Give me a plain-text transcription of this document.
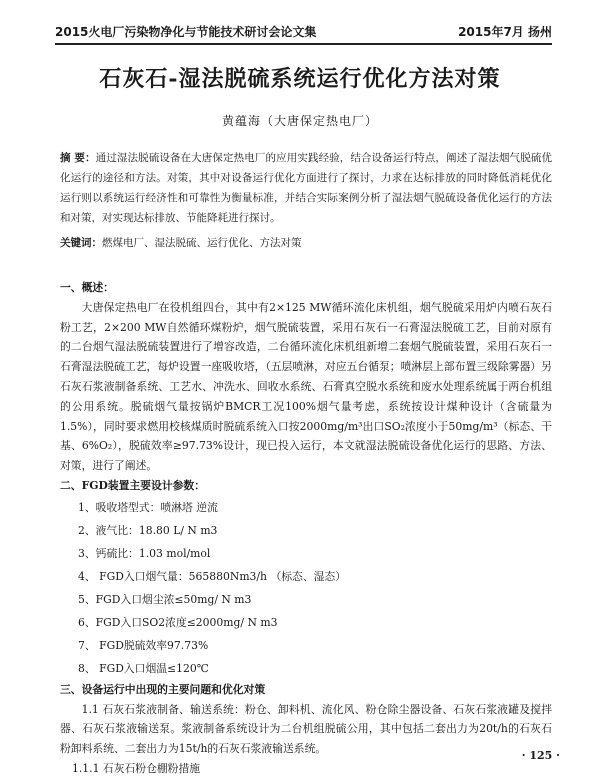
2015火电厂污染物净化与节能技术研讨会论文集	2015年7月 扬州
石灰石-湿法脱硫系统运行优化方法对策
黄蕴海（大唐保定热电厂）
摘 要：通过湿法脱硫设备在大唐保定热电厂的应用实践经验，结合设备运行特点，阐述了湿法烟气脱硫优化运行的途径和方法。对策，其中对设备运行优化方面进行了探讨，力求在达标排放的同时降低消耗优化运行则以系统运行经济性和可靠性为衡量标准，并结合实际案例分析了湿法烟气脱硫设备优化运行的方法和对策，对实现达标排放、节能降耗进行探讨。
关键词：燃煤电厂、湿法脱硫、运行优化、方法对策

一、概述：

大唐保定热电厂在役机组四台，其中有2×125 MW循环流化床机组，烟气脱硫采用炉内喷石灰石粉工艺，2×200 MW自然循环煤粉炉，烟气脱硫装置，采用石灰石一石膏湿法脱硫工艺，目前对原有的二台烟气湿法脱硫装置进行了增容改造，二台循环流化床机组新增二套烟气脱硫装置，采用石灰石一石膏湿法脱硫工艺，每炉设置一座吸收塔，（五层喷淋，对应五台循泵；喷淋层上部布置三级除雾器）另石灰石浆液制备系统、工艺水、冲洗水、回收水系统、石膏真空脱水系统和废水处理系统属于两台机组的公用系统。脱硫烟气量按锅炉BMCR工况100%烟气量考虑，系统按设计煤种设计（含硫量为1.5%），同时要求燃用校核煤质时脱硫系统入口按2000mg/m³出口SO₂浓度小于50mg/m³（标态、干基、6%O₂），脱硫效率≥97.73%设计，现已投入运行，本文就湿法脱硫设备优化运行的思路、方法、对策，进行了阐述。

二、FGD装置主要设计参数：

1、吸收塔型式：喷淋塔 逆流

2、液气比：18.80 L/ N m3

3、钙硫比：1.03 mol/mol

4、 FGD入口烟气量：565880Nm3/h （标态、湿态）

5、FGD入口烟尘浓≤50mg/ N m3

6、FGD入口SO2浓度≤2000mg/ N m3

7、 FGD脱硫效率97.73%

8、 FGD入口烟温≤120℃

三、设备运行中出现的主要问题和优化对策

1.1 石灰石浆液制备、输送系统：粉仓、卸料机、流化风、粉仓除尘器设备、石灰石浆液罐及搅拌器、石灰石浆液输送泵。浆液制备系统设计为二台机组脱硫公用，其中包括二套出力为20t/h的石灰石粉卸料系统、二套出力为15t/h的石灰石浆液输送系统。

1.1.1 石灰石粉仓棚粉措施

· 125 ·
